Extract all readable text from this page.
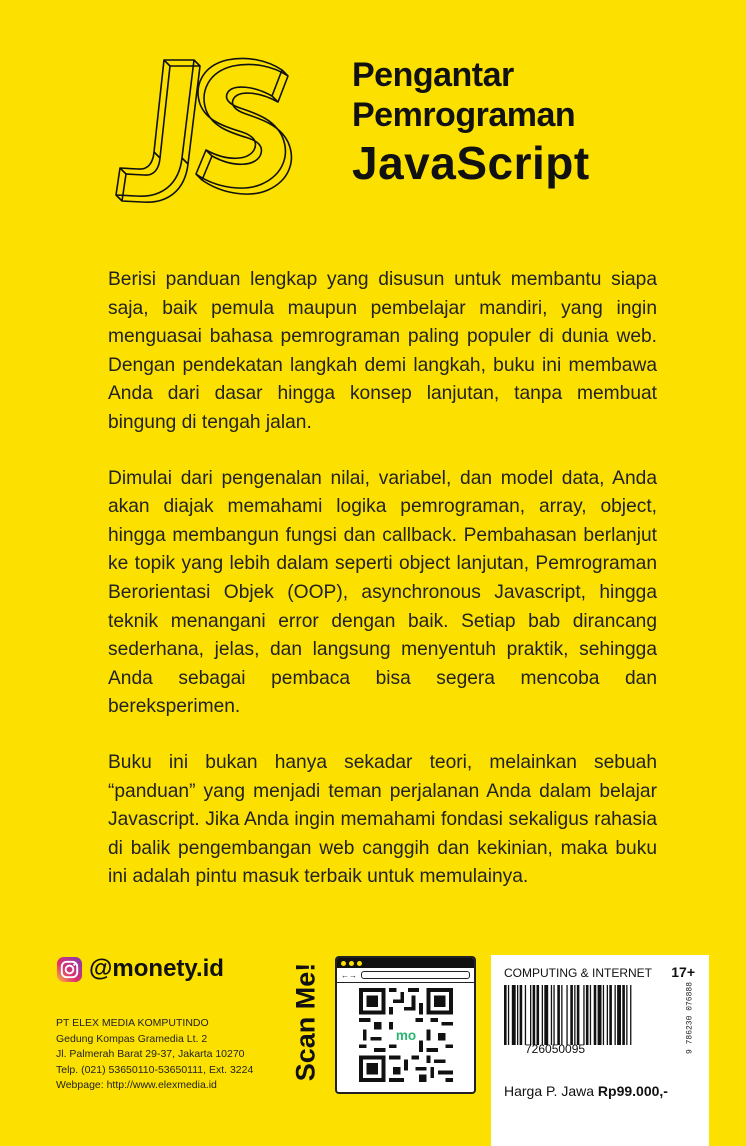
Pengantar
Pemrograman
JavaScript

Berisi panduan lengkap yang disusun untuk membantu siapa saja, baik pemula maupun pembelajar mandiri, yang ingin menguasai bahasa pemrograman paling populer di dunia web. Dengan pendekatan langkah demi langkah, buku ini membawa Anda dari dasar hingga konsep lanjutan, tanpa membuat bingung di tengah jalan.

Dimulai dari pengenalan nilai, variabel, dan model data, Anda akan diajak memahami logika pemrograman, array, object, hingga membangun fungsi dan callback. Pembahasan berlanjut ke topik yang lebih dalam seperti object lanjutan, Pemrograman Berorientasi Objek (OOP), asynchronous Javascript, hingga teknik menangani error dengan baik. Setiap bab dirancang sederhana, jelas, dan langsung menyentuh praktik, sehingga Anda sebagai pembaca bisa segera mencoba dan bereksperimen.

Buku ini bukan hanya sekadar teori, melainkan sebuah “panduan” yang menjadi teman perjalanan Anda dalam belajar Javascript. Jika Anda ingin memahami fondasi sekaligus rahasia di balik pengembangan web canggih dan kekinian, maka buku ini adalah pintu masuk terbaik untuk memulainya.

@monety.id
PT ELEX MEDIA KOMPUTINDO
Gedung Kompas Gramedia Lt. 2
Jl. Palmerah Barat 29-37, Jakarta 10270
Telp. (021) 53650110-53650111, Ext. 3224
Webpage: http://www.elexmedia.id
Scan Me!	←→
mo
COMPUTING & INTERNET 17+
9 786230 076888
726050095
Harga P. Jawa Rp99.000,-
